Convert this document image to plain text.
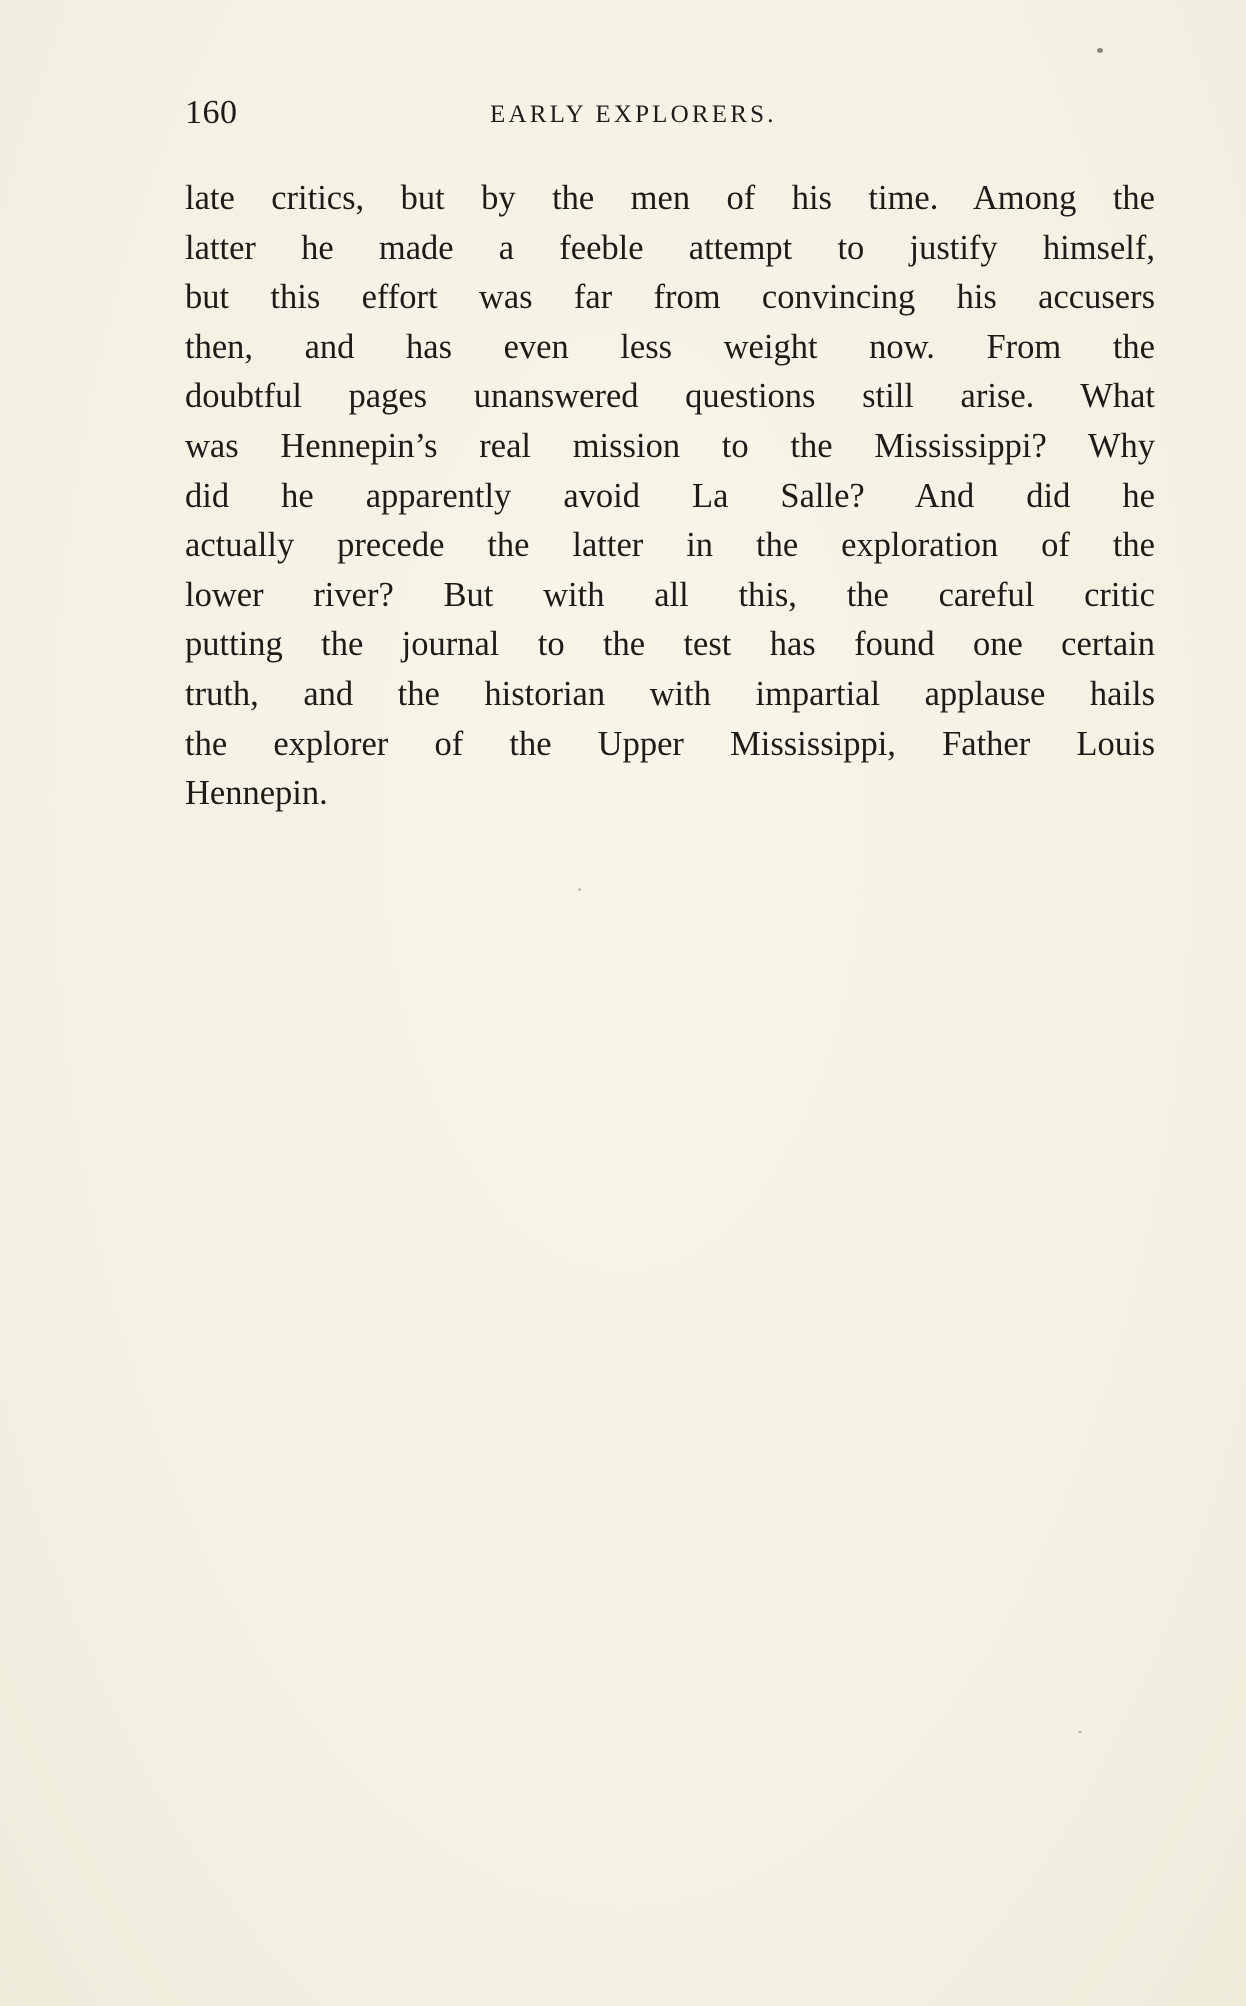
160	EARLY EXPLORERS.
late critics, but by the men of his time. Among the
latter he made a feeble attempt to justify himself,
but this effort was far from convincing his accusers
then, and has even less weight now. From the
doubtful pages unanswered questions still arise. What
was Hennepin’s real mission to the Mississippi? Why
did he apparently avoid La Salle? And did he
actually precede the latter in the exploration of the
lower river? But with all this, the careful critic
putting the journal to the test has found one certain
truth, and the historian with impartial applause hails
the explorer of the Upper Mississippi, Father Louis
Hennepin.
